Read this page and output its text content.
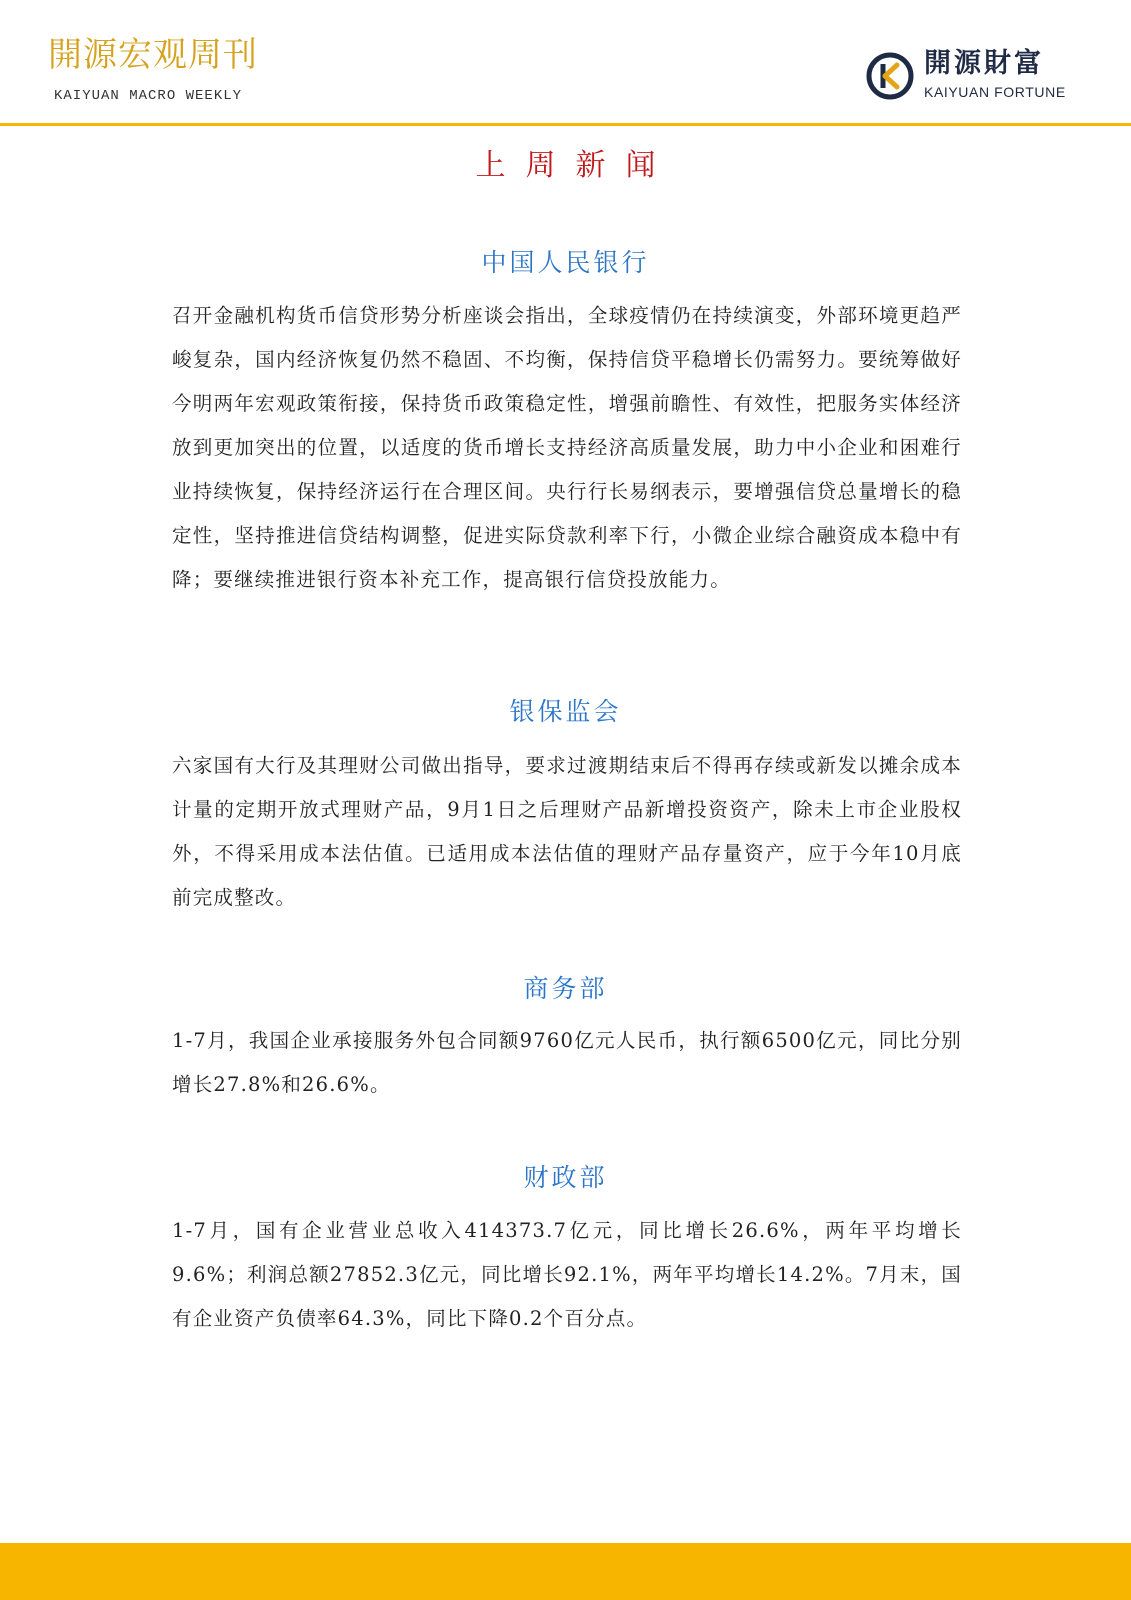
開源宏观周刊
KAIYUAN MACRO WEEKLY
開源財富
KAIYUAN FORTUNE
上周新闻
中国人民银行

召开金融机构货币信贷形势分析座谈会指出，全球疫情仍在持续演变，外部环境更趋严峻复杂，国内经济恢复仍然不稳固、不均衡，保持信贷平稳增长仍需努力。要统筹做好今明两年宏观政策衔接，保持货币政策稳定性，增强前瞻性、有效性，把服务实体经济放到更加突出的位置，以适度的货币增长支持经济高质量发展，助力中小企业和困难行业持续恢复，保持经济运行在合理区间。央行行长易纲表示，要增强信贷总量增长的稳定性，坚持推进信贷结构调整，促进实际贷款利率下行，小微企业综合融资成本稳中有降；要继续推进银行资本补充工作，提高银行信贷投放能力。

银保监会

六家国有大行及其理财公司做出指导，要求过渡期结束后不得再存续或新发以摊余成本计量的定期开放式理财产品，9月1日之后理财产品新增投资资产，除未上市企业股权外，不得采用成本法估值。已适用成本法估值的理财产品存量资产，应于今年10月底前完成整改。

商务部

1-7月，我国企业承接服务外包合同额9760亿元人民币，执行额6500亿元，同比分别增长27.8%和26.6%。

财政部

1-7月，国有企业营业总收入414373.7亿元，同比增长26.6%，两年平均增长9.6%；利润总额27852.3亿元，同比增长92.1%，两年平均增长14.2%。7月末，国有企业资产负债率64.3%，同比下降0.2个百分点。
